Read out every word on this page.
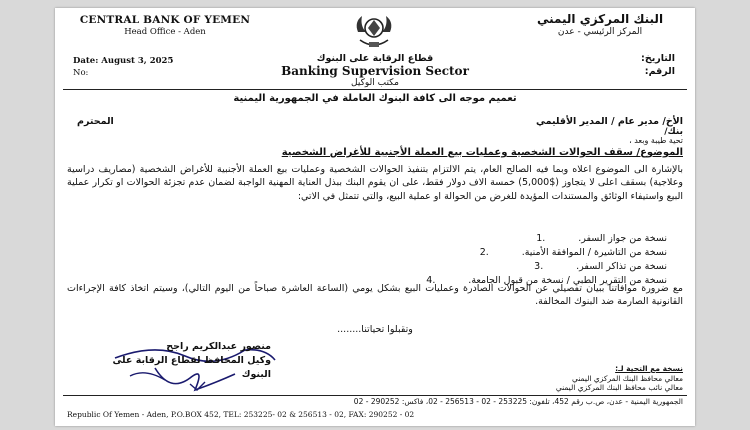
CENTRAL BANK OF YEMEN
Head Office - Aden
البنك المركزي اليمني
المركز الرئيسي - عدن
Date: August 3, 2025
No:
التاريخ:
الرقم:
قطاع الرقابة على البنوك
Banking Supervision Sector
مكتب الوكيل
تعميم موجه الى كافة البنوك العاملة في الجمهورية اليمنية
الأخ/ مدير عام / المدير الأقليمي
المحترم
بنك/
تحية طيبة وبعد ،
الموضوع/ سقف الحوالات الشخصية وعمليات بيع العملة الأجنبية للأغراض الشخصية
بالإشارة الى الموضوع اعلاه وبما فيه الصالح العام، يتم الالتزام بتنفيذ الحوالات الشخصية وعمليات بيع العملة الأجنبية للأغراض الشخصية (مصاريف دراسية وعلاجية) بسقف اعلى لا يتجاوز ($5,000) خمسة الاف دولار فقط، على ان يقوم البنك ببذل العناية المهنية الواجبة لضمان عدم تجزئة الحوالات او تكرار عملية البيع واستيفاء الوثائق والمستندات المؤيدة للغرض من الحوالة او عملية البيع، والتي تتمثل في الاتي:
نسخة من جواز السفر.
1.
نسخة من التاشيرة / الموافقة الأمنية.
2.
نسخة من تذاكر السفر.
3.
نسخة من التقرير الطبي / نسخة من قبول الجامعة.
4.
مع ضرورة موافاتنا ببيان تفصيلي عن الحوالات الصادرة وعمليات البيع بشكل يومي (الساعة العاشرة صباحاً من اليوم التالي)، وسيتم اتخاذ كافة الإجراءات القانونية الصارمة ضد البنوك المخالفة.
وتقبلوا تحياتنا........
منصور عبدالكريم راجح
وكيل المحافظ لقطاع الرقابة على البنوك
نسخة مع التحية لـ:
معالي محافظ البنك المركزي اليمني
معالي نائب محافظ البنك المركزي اليمني
الجمهورية اليمنية - عدن، ص.ب رقم 452، تلفون: 253225 - 02 - 256513 - 02، فاكس: 290252 - 02
Republic Of Yemen - Aden, P.O.BOX 452, TEL: 253225- 02 & 256513 - 02, FAX: 290252 - 02
